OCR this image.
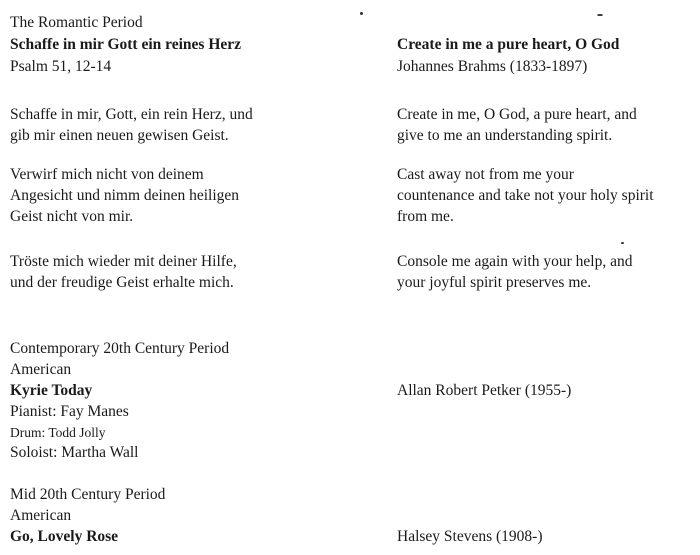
The Romantic Period
Schaffe in mir Gott ein reines Herz
Psalm 51, 12-14
Schaffe in mir, Gott, ein rein Herz, und
gib mir einen neuen gewisen Geist.
Verwirf mich nicht von deinem
Angesicht und nimm deinen heiligen
Geist nicht von mir.
Tröste mich wieder mit deiner Hilfe,
und der freudige Geist erhalte mich.
Contemporary 20th Century Period
American
Kyrie Today
Pianist: Fay Manes
Drum: Todd Jolly
Soloist: Martha Wall
Mid 20th Century Period
American
Go, Lovely Rose
Create in me a pure heart, O God
Johannes Brahms (1833-1897)
Create in me, O God, a pure heart, and
give to me an understanding spirit.
Cast away not from me your
countenance and take not your holy spirit
from me.
Console me again with your help, and
your joyful spirit preserves me.
Allan Robert Petker (1955-)
Halsey Stevens (1908-)
